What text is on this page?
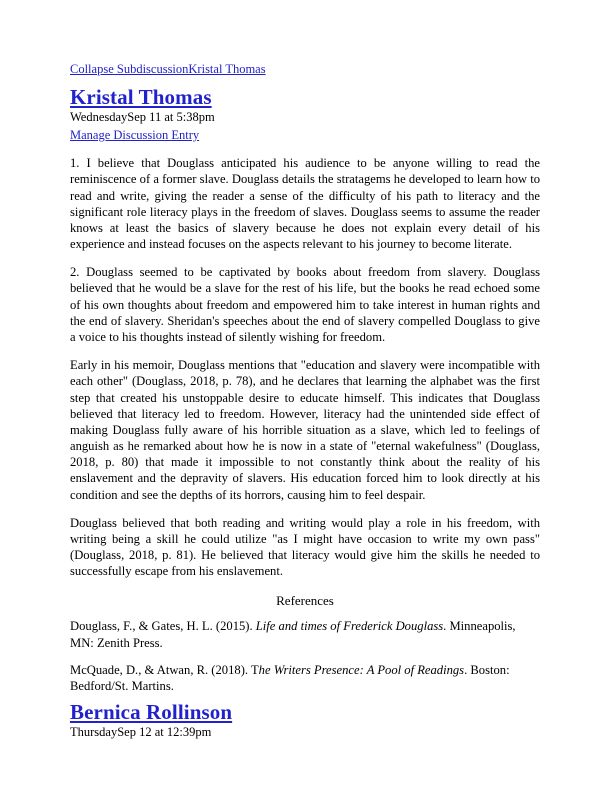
Collapse SubdiscussionKristal Thomas
Kristal Thomas
WednesdaySep 11 at 5:38pm
Manage Discussion Entry

1. I believe that Douglass anticipated his audience to be anyone willing to read the reminiscence of a former slave. Douglass details the stratagems he developed to learn how to read and write, giving the reader a sense of the difficulty of his path to literacy and the significant role literacy plays in the freedom of slaves. Douglass seems to assume the reader knows at least the basics of slavery because he does not explain every detail of his experience and instead focuses on the aspects relevant to his journey to become literate.

2. Douglass seemed to be captivated by books about freedom from slavery. Douglass believed that he would be a slave for the rest of his life, but the books he read echoed some of his own thoughts about freedom and empowered him to take interest in human rights and the end of slavery. Sheridan's speeches about the end of slavery compelled Douglass to give a voice to his thoughts instead of silently wishing for freedom.

Early in his memoir, Douglass mentions that "education and slavery were incompatible with each other" (Douglass, 2018, p. 78), and he declares that learning the alphabet was the first step that created his unstoppable desire to educate himself. This indicates that Douglass believed that literacy led to freedom. However, literacy had the unintended side effect of making Douglass fully aware of his horrible situation as a slave, which led to feelings of anguish as he remarked about how he is now in a state of "eternal wakefulness" (Douglass, 2018, p. 80) that made it impossible to not constantly think about the reality of his enslavement and the depravity of slavers. His education forced him to look directly at his condition and see the depths of its horrors, causing him to feel despair.

Douglass believed that both reading and writing would play a role in his freedom, with writing being a skill he could utilize "as I might have occasion to write my own pass" (Douglass, 2018, p. 81). He believed that literacy would give him the skills he needed to successfully escape from his enslavement.

References

Douglass, F., & Gates, H. L. (2015). Life and times of Frederick Douglass. Minneapolis, MN: Zenith Press.

McQuade, D., & Atwan, R. (2018). The Writers Presence: A Pool of Readings. Boston: Bedford/St. Martins.

Bernica Rollinson
ThursdaySep 12 at 12:39pm
